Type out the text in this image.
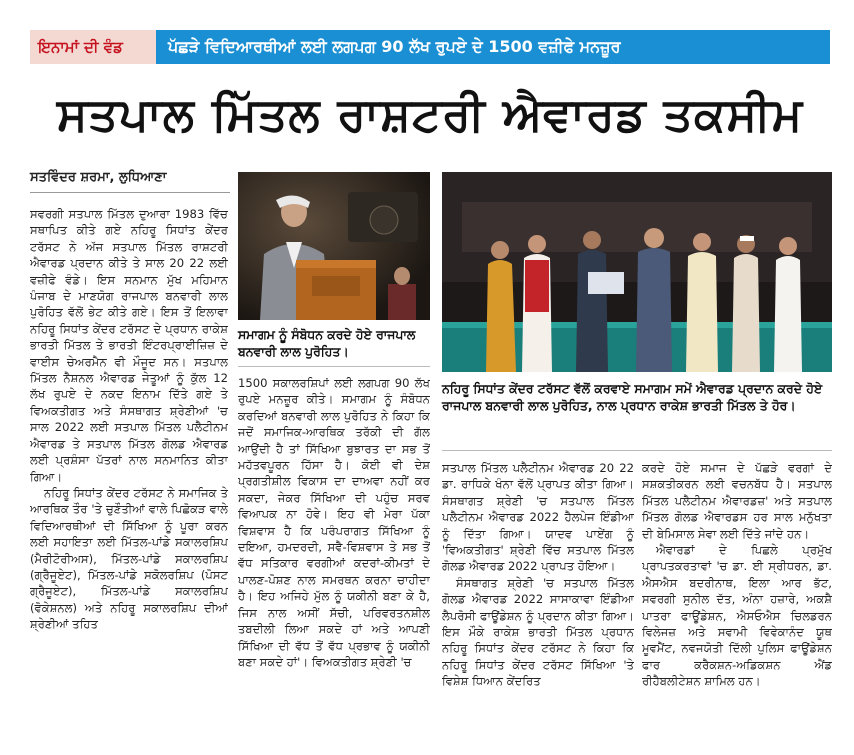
ਇਨਾਮਾਂ ਦੀ ਵੰਡ	ਪੱਛੜੇ ਵਿਦਿਆਰਥੀਆਂ ਲਈ ਲਗਪਗ 90 ਲੱਖ ਰੁਪਏ ਦੇ 1500 ਵਜ਼ੀਫੇ ਮਨਜ਼ੂਰ
ਸਤਪਾਲ ਮਿੱਤਲ ਰਾਸ਼ਟਰੀ ਐਵਾਰਡ ਤਕਸੀਮ
ਸਤਵਿੰਦਰ ਸ਼ਰਮਾ, ਲੁਧਿਆਣਾ

ਸਵਰਗੀ ਸਤਪਾਲ ਮਿੱਤਲ ਦੁਆਰਾ 1983 ਵਿੱਚ ਸਥਾਪਿਤ ਕੀਤੇ ਗਏ ਨਹਿਰੂ ਸਿਧਾਂਤ ਕੇਂਦਰ ਟਰੱਸਟ ਨੇ ਅੱਜ ਸਤਪਾਲ ਮਿੱਤਲ ਰਾਸ਼ਟਰੀ ਐਵਾਰਡ ਪ੍ਰਦਾਨ ਕੀਤੇ ਤੇ ਸਾਲ 20 22 ਲਈ ਵਜ਼ੀਫੇ ਵੰਡੇ। ਇਸ ਸਨਮਾਨ ਮੁੱਖ ਮਹਿਮਾਨ ਪੰਜਾਬ ਦੇ ਮਾਣਯੋਗ ਰਾਜਪਾਲ ਬਨਵਾਰੀ ਲਾਲ ਪੁਰੋਹਿਤ ਵੱਲੋਂ ਭੇਟ ਕੀਤੇ ਗਏ। ਇਸ ਤੋਂ ਇਲਾਵਾ ਨਹਿਰੂ ਸਿਧਾਂਤ ਕੇਂਦਰ ਟਰੱਸਟ ਦੇ ਪ੍ਰਧਾਨ ਰਾਕੇਸ਼ ਭਾਰਤੀ ਮਿੱਤਲ ਤੇ ਭਾਰਤੀ ਇੰਟਰਪ੍ਰਾਈਜ਼ਿਜ਼ ਦੇ ਵਾਈਸ ਚੇਅਰਮੈਨ ਵੀ ਮੌਜੂਦ ਸਨ। ਸਤਪਾਲ ਮਿੱਤਲ ਨੈਸ਼ਨਲ ਐਵਾਰਡ ਜੇਤੂਆਂ ਨੂੰ ਕੁੱਲ 12 ਲੱਖ ਰੁਪਏ ਦੇ ਨਕਦ ਇਨਾਮ ਦਿੱਤੇ ਗਏ ਤੇ ਵਿਅਕਤੀਗਤ ਅਤੇ ਸੰਸਥਾਗਤ ਸ਼੍ਰੇਣੀਆਂ 'ਚ ਸਾਲ 2022 ਲਈ ਸਤਪਾਲ ਮਿੱਤਲ ਪਲੈਟੀਨਮ ਐਵਾਰਡ ਤੇ ਸਤਪਾਲ ਮਿੱਤਲ ਗੋਲਡ ਐਵਾਰਡ ਲਈ ਪ੍ਰਸ਼ੰਸਾ ਪੱਤਰਾਂ ਨਾਲ ਸਨਮਾਨਿਤ ਕੀਤਾ ਗਿਆ।

ਨਹਿਰੂ ਸਿਧਾਂਤ ਕੇਂਦਰ ਟਰੱਸਟ ਨੇ ਸਮਾਜਿਕ ਤੇ ਆਰਥਿਕ ਤੌਰ 'ਤੇ ਚੁਣੌਤੀਆਂ ਵਾਲੇ ਪਿਛੋਕੜ ਵਾਲੇ ਵਿਦਿਆਰਥੀਆਂ ਦੀ ਸਿੱਖਿਆ ਨੂੰ ਪੂਰਾ ਕਰਨ ਲਈ ਸਹਾਇਤਾ ਲਈ ਮਿੱਤਲ-ਪਾਂਡੇ ਸਕਾਲਰਸ਼ਿਪ (ਮੈਰੀਟੋਰੀਅਸ), ਮਿੱਤਲ-ਪਾਂਡੇ ਸਕਾਲਰਸ਼ਿਪ (ਗ੍ਰੈਜੂਏਟ), ਮਿੱਤਲ-ਪਾਂਡੇ ਸਕੋਲਰਸ਼ਿਪ (ਪੋਸਟ ਗ੍ਰੈਜੂਏਟ), ਮਿੱਤਲ-ਪਾਂਡੇ ਸਕਾਲਰਸ਼ਿਪ (ਵੋਕੇਸ਼ਨਲ) ਅਤੇ ਨਹਿਰੂ ਸਕਾਲਰਸ਼ਿਪ ਦੀਆਂ ਸ਼੍ਰੇਣੀਆਂ ਤਹਿਤ

ਸਮਾਗਮ ਨੂੰ ਸੰਬੋਧਨ ਕਰਦੇ ਹੋਏ ਰਾਜਪਾਲ ਬਨਵਾਰੀ ਲਾਲ ਪੁਰੋਹਿਤ।

1500 ਸਕਾਲਰਸ਼ਿਪਾਂ ਲਈ ਲਗਪਗ 90 ਲੱਖ ਰੁਪਏ ਮਨਜ਼ੂਰ ਕੀਤੇ। ਸਮਾਗਮ ਨੂੰ ਸੰਬੋਧਨ ਕਰਦਿਆਂ ਬਨਵਾਰੀ ਲਾਲ ਪੁਰੋਹਿਤ ਨੇ ਕਿਹਾ ਕਿ ਜਦੋਂ ਸਮਾਜਿਕ-ਆਰਥਿਕ ਤਰੱਕੀ ਦੀ ਗੱਲ ਆਉਂਦੀ ਹੈ ਤਾਂ ਸਿੱਖਿਆ ਬੁਝਾਰਤ ਦਾ ਸਭ ਤੋਂ ਮਹੱਤਵਪੂਰਨ ਹਿੱਸਾ ਹੈ। ਕੋਈ ਵੀ ਦੇਸ਼ ਪ੍ਰਗਤੀਸ਼ੀਲ ਵਿਕਾਸ ਦਾ ਦਾਅਵਾ ਨਹੀਂ ਕਰ ਸਕਦਾ, ਜੇਕਰ ਸਿੱਖਿਆ ਦੀ ਪਹੁੰਚ ਸਰਵ ਵਿਆਪਕ ਨਾ ਹੋਵੇ। ਇਹ ਵੀ ਮੇਰਾ ਪੱਕਾ ਵਿਸ਼ਵਾਸ ਹੈ ਕਿ ਪਰੰਪਰਾਗਤ ਸਿੱਖਿਆ ਨੂੰ ਦਇਆ, ਹਮਦਰਦੀ, ਸਵੈ-ਵਿਸ਼ਵਾਸ ਤੇ ਸਭ ਤੋਂ ਵੱਧ ਸਤਿਕਾਰ ਵਰਗੀਆਂ ਕਦਰਾਂ-ਕੀਮਤਾਂ ਦੇ ਪਾਲਣ-ਪੋਸ਼ਣ ਨਾਲ ਸਮਰਥਨ ਕਰਨਾ ਚਾਹੀਦਾ ਹੈ। ਇਹ ਅਜਿਹੇ ਮੁੱਲ ਨੂੰ ਯਕੀਨੀ ਬਣਾ ਕੇ ਹੈ, ਜਿਸ ਨਾਲ ਅਸੀਂ ਸੱਚੀ, ਪਰਿਵਰਤਨਸ਼ੀਲ ਤਬਦੀਲੀ ਲਿਆ ਸਕਦੇ ਹਾਂ ਅਤੇ ਆਪਣੀ ਸਿੱਖਿਆ ਦੀ ਵੱਧ ਤੋਂ ਵੱਧ ਪ੍ਰਭਾਵ ਨੂੰ ਯਕੀਨੀ ਬਣਾ ਸਕਦੇ ਹਾਂ'। ਵਿਅਕਤੀਗਤ ਸ਼੍ਰੇਣੀ 'ਚ

ਨਹਿਰੂ ਸਿਧਾਂਤ ਕੇਂਦਰ ਟਰੱਸਟ ਵੱਲੋਂ ਕਰਵਾਏ ਸਮਾਗਮ ਸਮੇਂ ਐਵਾਰਡ ਪ੍ਰਦਾਨ ਕਰਦੇ ਹੋਏ ਰਾਜਪਾਲ ਬਨਵਾਰੀ ਲਾਲ ਪੁਰੋਹਿਤ, ਨਾਲ ਪ੍ਰਧਾਨ ਰਾਕੇਸ਼ ਭਾਰਤੀ ਮਿੱਤਲ ਤੇ ਹੋਰ।

ਸਤਪਾਲ ਮਿੱਤਲ ਪਲੈਟੀਨਮ ਐਵਾਰਡ 20 22 ਡਾ. ਰਾਧਿਕੇ ਖੰਨਾ ਵੱਲੋਂ ਪ੍ਰਾਪਤ ਕੀਤਾ ਗਿਆ। ਸੰਸਥਾਗਤ ਸ਼੍ਰੇਣੀ 'ਚ ਸਤਪਾਲ ਮਿੱਤਲ ਪਲੈਟੀਨਮ ਐਵਾਰਡ 2022 ਹੈਲਪੇਜ ਇੰਡੀਆ ਨੂੰ ਦਿੱਤਾ ਗਿਆ। ਯਾਦਵ ਪਾਏਂਗ ਨੂੰ 'ਵਿਅਕਤੀਗਤ' ਸ਼੍ਰੇਣੀ ਵਿੱਚ ਸਤਪਾਲ ਮਿੱਤਲ ਗੋਲਡ ਐਵਾਰਡ 2022 ਪ੍ਰਾਪਤ ਹੋਇਆ।

ਸੰਸਥਾਗਤ ਸ਼੍ਰੇਣੀ 'ਚ ਸਤਪਾਲ ਮਿੱਤਲ ਗੋਲਡ ਐਵਾਰਡ 2022 ਸਾਸਾਕਾਵਾ ਇੰਡੀਆ ਲੈਪਰੋਸੀ ਫਾਊਂਡੇਸ਼ਨ ਨੂੰ ਪ੍ਰਦਾਨ ਕੀਤਾ ਗਿਆ। ਇਸ ਮੌਕੇ ਰਾਕੇਸ਼ ਭਾਰਤੀ ਮਿੱਤਲ ਪ੍ਰਧਾਨ ਨਹਿਰੂ ਸਿਧਾਂਤ ਕੇਂਦਰ ਟਰੱਸਟ ਨੇ ਕਿਹਾ ਕਿ ਨਹਿਰੂ ਸਿਧਾਂਤ ਕੇਂਦਰ ਟਰੱਸਟ ਸਿੱਖਿਆ 'ਤੇ ਵਿਸ਼ੇਸ਼ ਧਿਆਨ ਕੇਂਦਰਿਤ

ਕਰਦੇ ਹੋਏ ਸਮਾਜ ਦੇ ਪੱਛੜੇ ਵਰਗਾਂ ਦੇ ਸਸ਼ਕਤੀਕਰਨ ਲਈ ਵਚਨਬੱਧ ਹੈ। ਸਤਪਾਲ ਮਿੱਤਲ ਪਲੈਟੀਨਮ ਐਵਾਰਡਜ਼' ਅਤੇ ਸਤਪਾਲ ਮਿੱਤਲ ਗੋਲਡ ਐਵਾਰਡਸ ਹਰ ਸਾਲ ਮਨੁੱਖਤਾ ਦੀ ਬੇਮਿਸਾਲ ਸੇਵਾ ਲਈ ਦਿੱਤੇ ਜਾਂਦੇ ਹਨ।

ਐਵਾਰਡਾਂ ਦੇ ਪਿਛਲੇ ਪ੍ਰਮੁੱਖ ਪ੍ਰਾਪਤਕਰਤਾਵਾਂ 'ਚ ਡਾ. ਈ ਸ੍ਰੀਧਰਨ, ਡਾ. ਐਸਐਸ ਬਦਰੀਨਾਥ, ਇਲਾ ਆਰ ਭੱਟ, ਸਵਰਗੀ ਸੁਨੀਲ ਦੱਤ, ਅੰਨਾ ਹਜ਼ਾਰੇ, ਅਕਸ਼ੈ ਪਾਤਰਾ ਫਾਊਂਡੇਸ਼ਨ, ਐਸਓਐਸ ਚਿਲਡਰਨ ਵਿਲੇਜਜ਼ ਅਤੇ ਸਵਾਮੀ ਵਿਵੇਕਾਨੰਦ ਯੂਥ ਮੂਵਮੈਂਟ, ਨਵਜਯੋਤੀ ਦਿੱਲੀ ਪੁਲਿਸ ਫਾਊਂਡੇਸ਼ਨ ਫਾਰ ਕਰੈਕਸ਼ਨ-ਅਡਿਕਸ਼ਨ ਐਂਡ ਰੀਹੈਬਲੀਟੇਸ਼ਨ ਸ਼ਾਮਿਲ ਹਨ।
